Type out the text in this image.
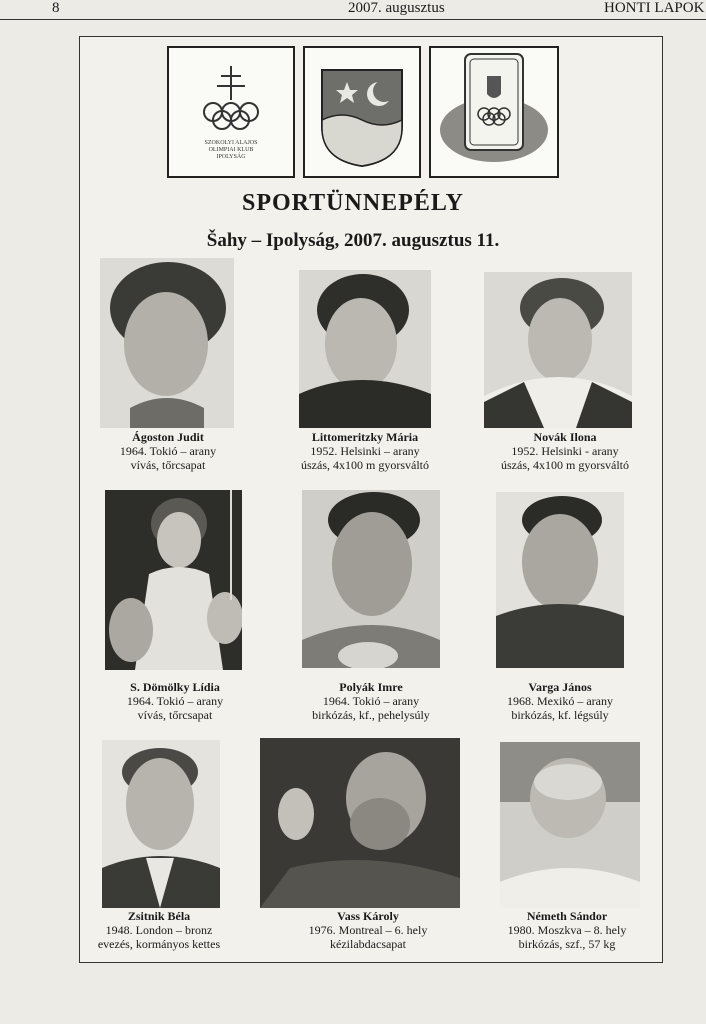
8	2007. augusztus	HONTI LAPOK
SZOKOLYI ALAJOS
OLIMPIAI KLUB
IPOLYSÁG
SPORTÜNNEPÉLY
Šahy – Ipolyság, 2007. augusztus 11.
Ágoston Judit
1964. Tokió – arany
vívás, tőrcsapat
Littomeritzky Mária
1952. Helsinki – arany
úszás, 4x100 m gyorsváltó
Novák Ilona
1952. Helsinki - arany
úszás, 4x100 m gyorsváltó
S. Dömölky Lídia
1964. Tokió – arany
vívás, tőrcsapat
Polyák Imre
1964. Tokió – arany
birkózás, kf., pehelysúly
Varga János
1968. Mexikó – arany
birkózás, kf. légsúly
Zsitnik Béla
1948. London – bronz
evezés, kormányos kettes
Vass Károly
1976. Montreal – 6. hely
kézilabdacsapat
Németh Sándor
1980. Moszkva – 8. hely
birkózás, szf., 57 kg
